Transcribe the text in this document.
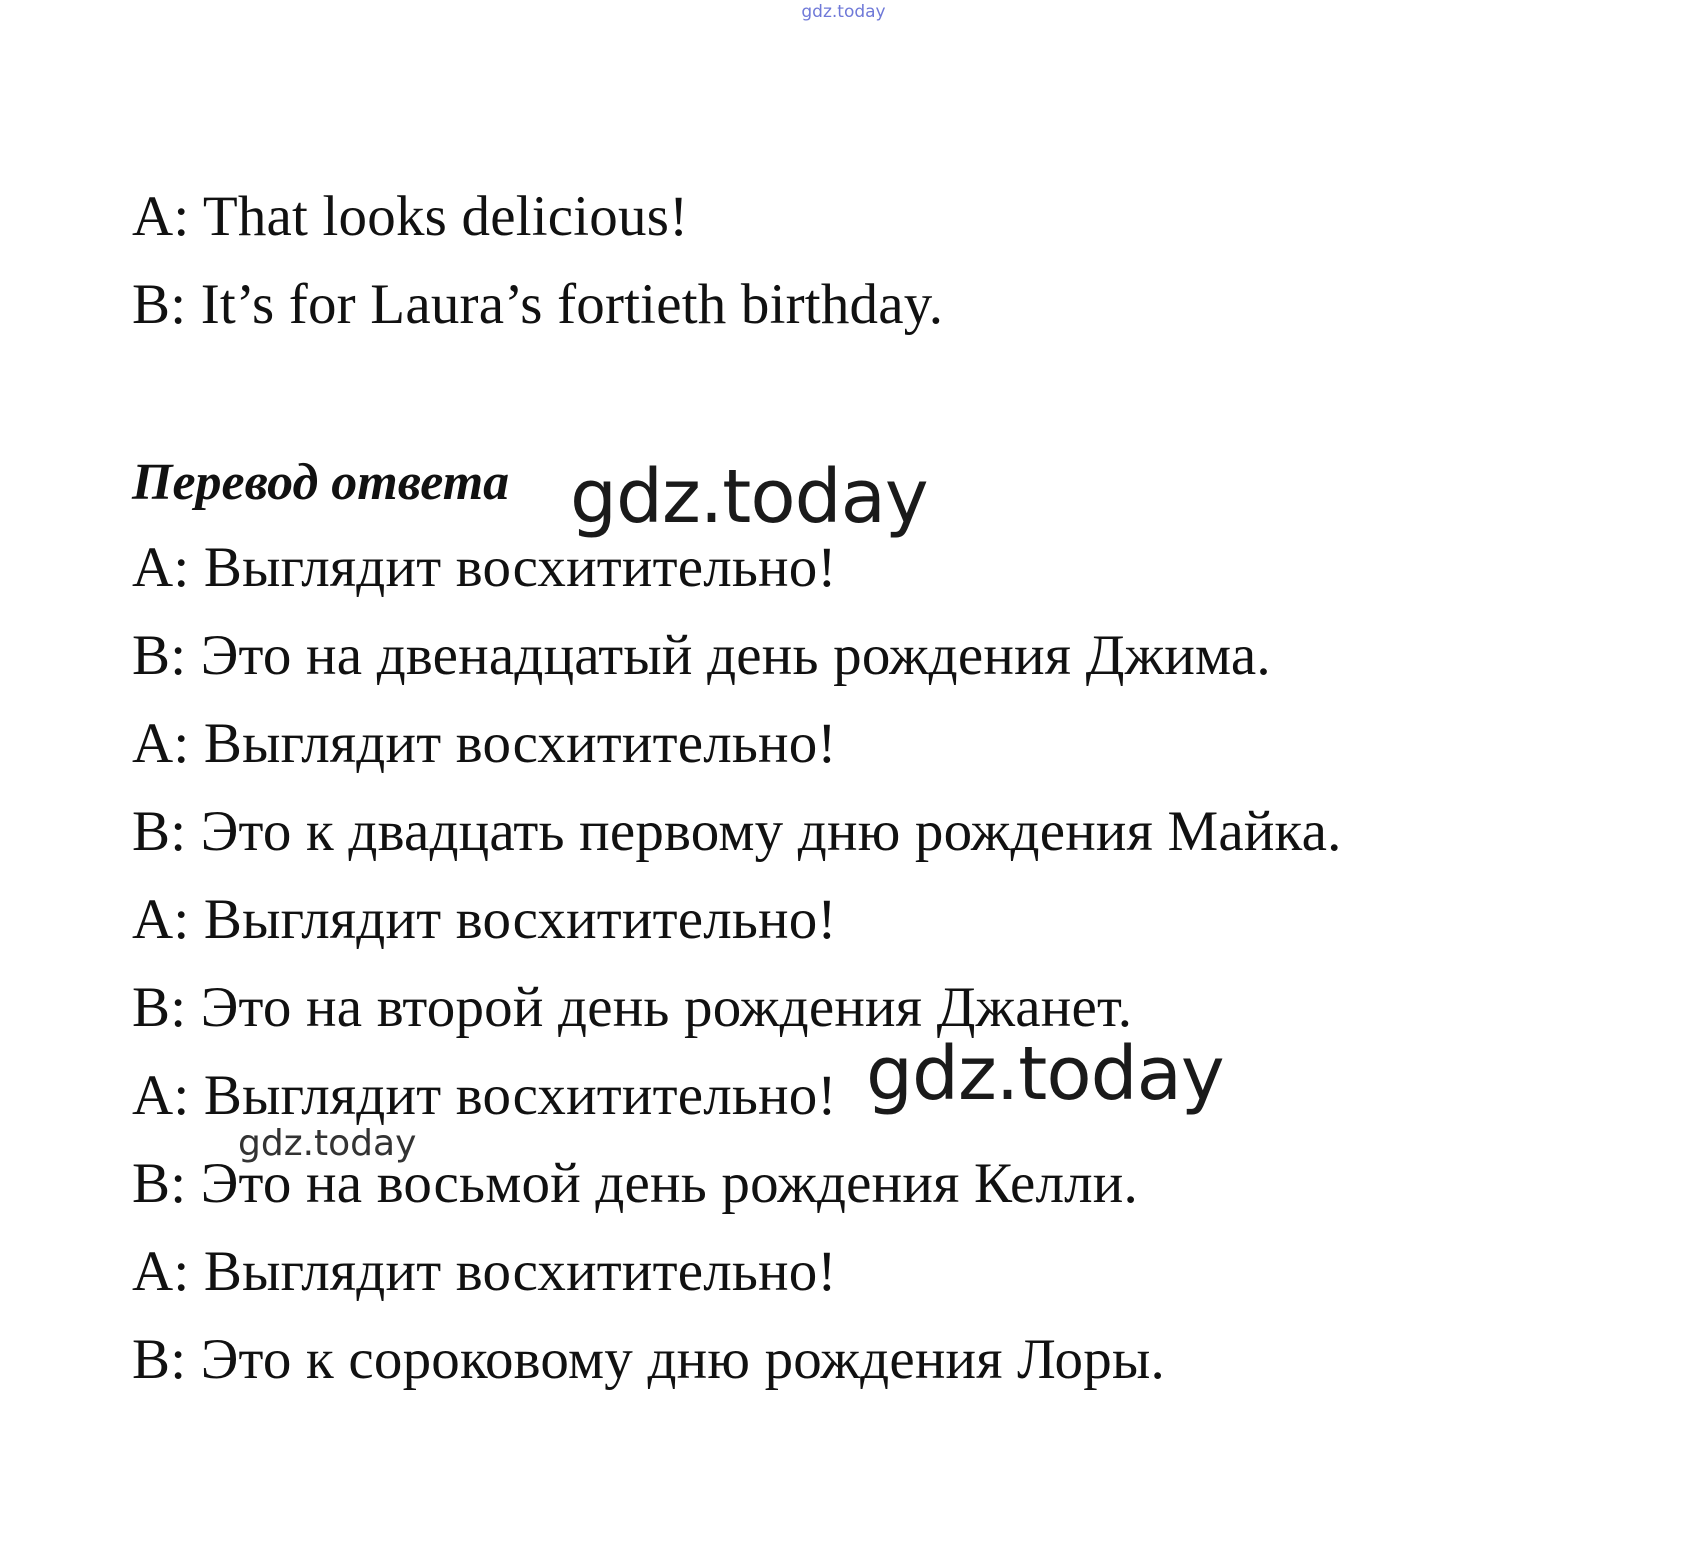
gdz.today
A: That looks delicious!
B: It’s for Laura’s fortieth birthday.
Перевод ответа gdz.today
A: Выглядит восхитительно!
B: Это на двенадцатый день рождения Джима.
A: Выглядит восхитительно!
B: Это к двадцать первому дню рождения Майка.
A: Выглядит восхитительно!
B: Это на второй день рождения Джанет.
A: Выглядит восхитительно! gdz.today
gdz.today
B: Это на восьмой день рождения Келли.
A: Выглядит восхитительно!
B: Это к сороковому дню рождения Лоры.
